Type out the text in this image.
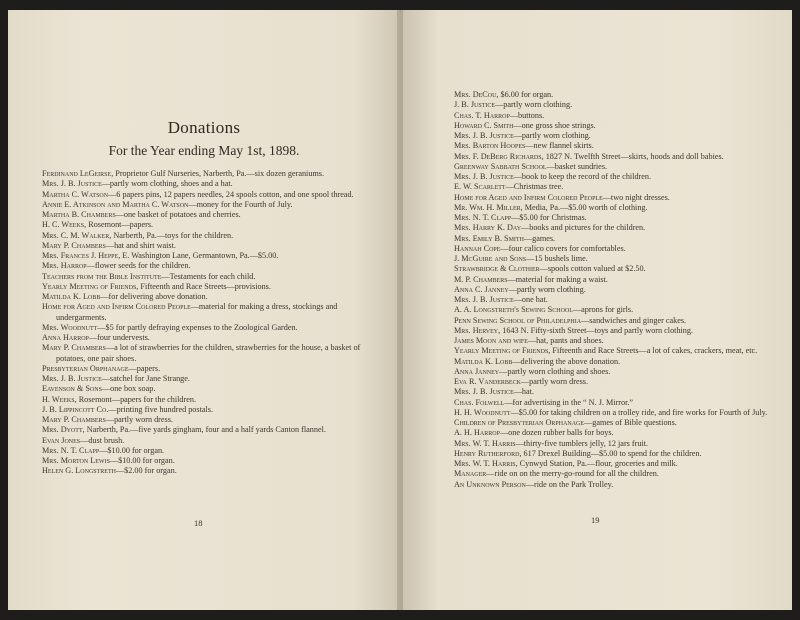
Donations
For the Year ending May 1st, 1898.

Ferdinand LeGeirse, Proprietor Gulf Nurseries, Narberth, Pa.—six dozen geraniums.

Mrs. J. B. Justice—partly worn clothing, shoes and a hat.

Martha C. Watson—6 papers pins, 12 papers needles, 24 spools cotton, and one spool thread.

Annie E. Atkinson and Martha C. Watson—money for the Fourth of July.

Martha B. Chambers—one basket of potatoes and cherries.

H. C. Weeks, Rosemont—papers.

Mrs. C. M. Walker, Narberth, Pa.—toys for the children.

Mary P. Chambers—hat and shirt waist.

Mrs. Frances J. Heppe, E. Washington Lane, Germantown, Pa.—$5.00.

Mrs. Harrop—flower seeds for the children.

Teachers from the Bible Institute—Testaments for each child.

Yearly Meeting of Friends, Fifteenth and Race Streets—provisions.

Matilda K. Lobb—for delivering above donation.

Home for Aged and Infirm Colored People—material for making a dress, stockings and undergarments.

Mrs. Woodnutt—$5 for partly defraying expenses to the Zoological Garden.

Anna Harrop—four undervests.

Mary P. Chambers—a lot of strawberries for the children, strawberries for the house, a basket of potatoes, one pair shoes.

Presbyterian Orphanage—papers.

Mrs. J. B. Justice—satchel for Jane Strange.

Eavenson & Sons—one box soap.

H. Weeks, Rosemont—papers for the children.

J. B. Lippincott Co.—printing five hundred postals.

Mary P. Chambers—partly worn dress.

Mrs. Dyott, Narberth, Pa.—five yards gingham, four and a half yards Canton flannel.

Evan Jones—dust brush.

Mrs. N. T. Clapp—$10.00 for organ.

Mrs. Morton Lewis—$10.00 for organ.

Helen G. Longstreth—$2.00 for organ.

18

Mrs. DeCou, $6.00 for organ.

J. B. Justice—partly worn clothing.

Chas. T. Harrop—buttons.

Howard C. Smith—one gross shoe strings.

Mrs. J. B. Justice—partly worn clothing.

Mrs. Barton Hoopes—new flannel skirts.

Mrs. F. DeBerg Richards, 1827 N. Twelfth Street—skirts, hoods and doll babies.

Greenway Sabbath School—basket sundries.

Mrs. J. B. Justice—book to keep the record of the children.

E. W. Scarlett—Christmas tree.

Home for Aged and Infirm Colored People—two night dresses.

Mr. Wm. H. Miller, Media, Pa.—$5.00 worth of clothing.

Mrs. N. T. Clapp—$5.00 for Christmas.

Mrs. Harry K. Day—books and pictures for the children.

Mrs. Emily B. Smith—games.

Hannah Cope—four calico covers for comfortables.

J. McGuire and Sons—15 bushels lime.

Strawbridge & Clothier—spools cotton valued at $2.50.

M. P. Chambers—material for making a waist.

Anna C. Janney—partly worn clothing.

Mrs. J. B. Justice—one hat.

A. A. Longstreth's Sewing School—aprons for girls.

Penn Sewing School of Philadelphia—sandwiches and ginger cakes.

Mrs. Hervey, 1643 N. Fifty-sixth Street—toys and partly worn clothing.

James Moon and wife—hat, pants and shoes.

Yearly Meeting of Friends, Fifteenth and Race Streets—a lot of cakes, crackers, meat, etc.

Matilda K. Lobb—delivering the above donation.

Anna Janney—partly worn clothing and shoes.

Eva R. Vanderbeck—partly worn dress.

Mrs. J. B. Justice—hat.

Chas. Folwell—for advertising in the “ N. J. Mirror.”

H. H. Woodnutt—$5.00 for taking children on a trolley ride, and fire works for Fourth of July.

Children of Presbyterian Orphanage—games of Bible questions.

A. H. Harrop—one dozen rubber balls for boys.

Mrs. W. T. Harris—thirty-five tumblers jelly, 12 jars fruit.

Henry Rutherford, 617 Drexel Building—$5.00 to spend for the children.

Mrs. W. T. Harris, Cynwyd Station, Pa.—flour, groceries and milk.

Manager—ride on on the merry-go-round for all the children.

An Unknown Person—ride on the Park Trolley.

19
